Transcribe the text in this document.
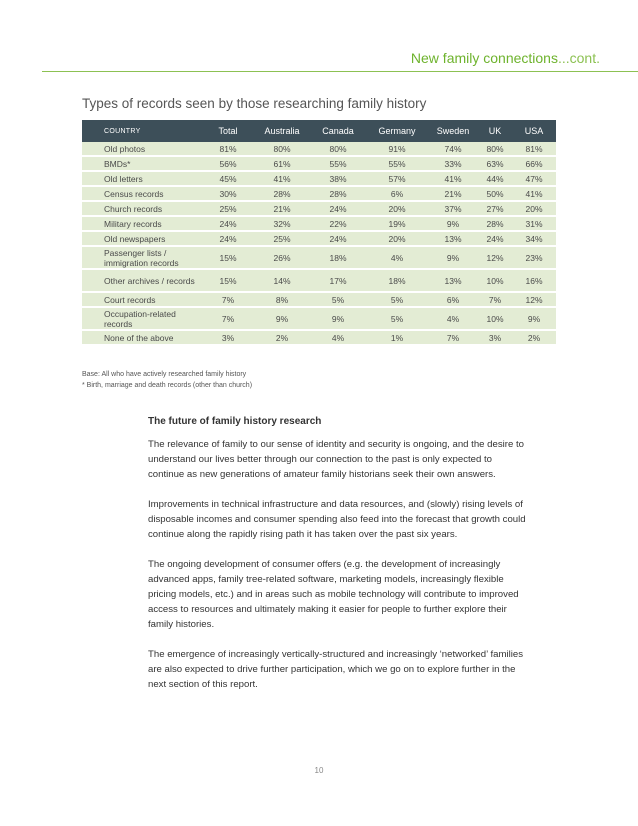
New family connections...cont.
Types of records seen by those researching family history
COUNTRY	Total	Australia	Canada	Germany	Sweden	UK	USA
Old photos	81%	80%	80%	91%	74%	80%	81%
BMDs*	56%	61%	55%	55%	33%	63%	66%
Old letters	45%	41%	38%	57%	41%	44%	47%
Census records	30%	28%	28%	6%	21%	50%	41%
Church records	25%	21%	24%	20%	37%	27%	20%
Military records	24%	32%	22%	19%	9%	28%	31%
Old newspapers	24%	25%	24%	20%	13%	24%	34%
Passenger lists / immigration records	15%	26%	18%	4%	9%	12%	23%
Other archives / records	15%	14%	17%	18%	13%	10%	16%
Court records	7%	8%	5%	5%	6%	7%	12%
Occupation-related records	7%	9%	9%	5%	4%	10%	9%
None of the above	3%	2%	4%	1%	7%	3%	2%
Base: All who have actively researched family history
* Birth, marriage and death records (other than church)
The future of family history research

The relevance of family to our sense of identity and security is ongoing, and the desire to understand our lives better through our connection to the past is only expected to continue as new generations of amateur family historians seek their own answers.

Improvements in technical infrastructure and data resources, and (slowly) rising levels of disposable incomes and consumer spending also feed into the forecast that growth could continue along the rapidly rising path it has taken over the past six years.

The ongoing development of consumer offers (e.g. the development of increasingly advanced apps, family tree-related software, marketing models, increasingly flexible pricing models, etc.) and in areas such as mobile technology will contribute to improved access to resources and ultimately making it easier for people to further explore their family histories.

The emergence of increasingly vertically-structured and increasingly ‘networked’ families are also expected to drive further participation, which we go on to explore further in the next section of this report.

10
